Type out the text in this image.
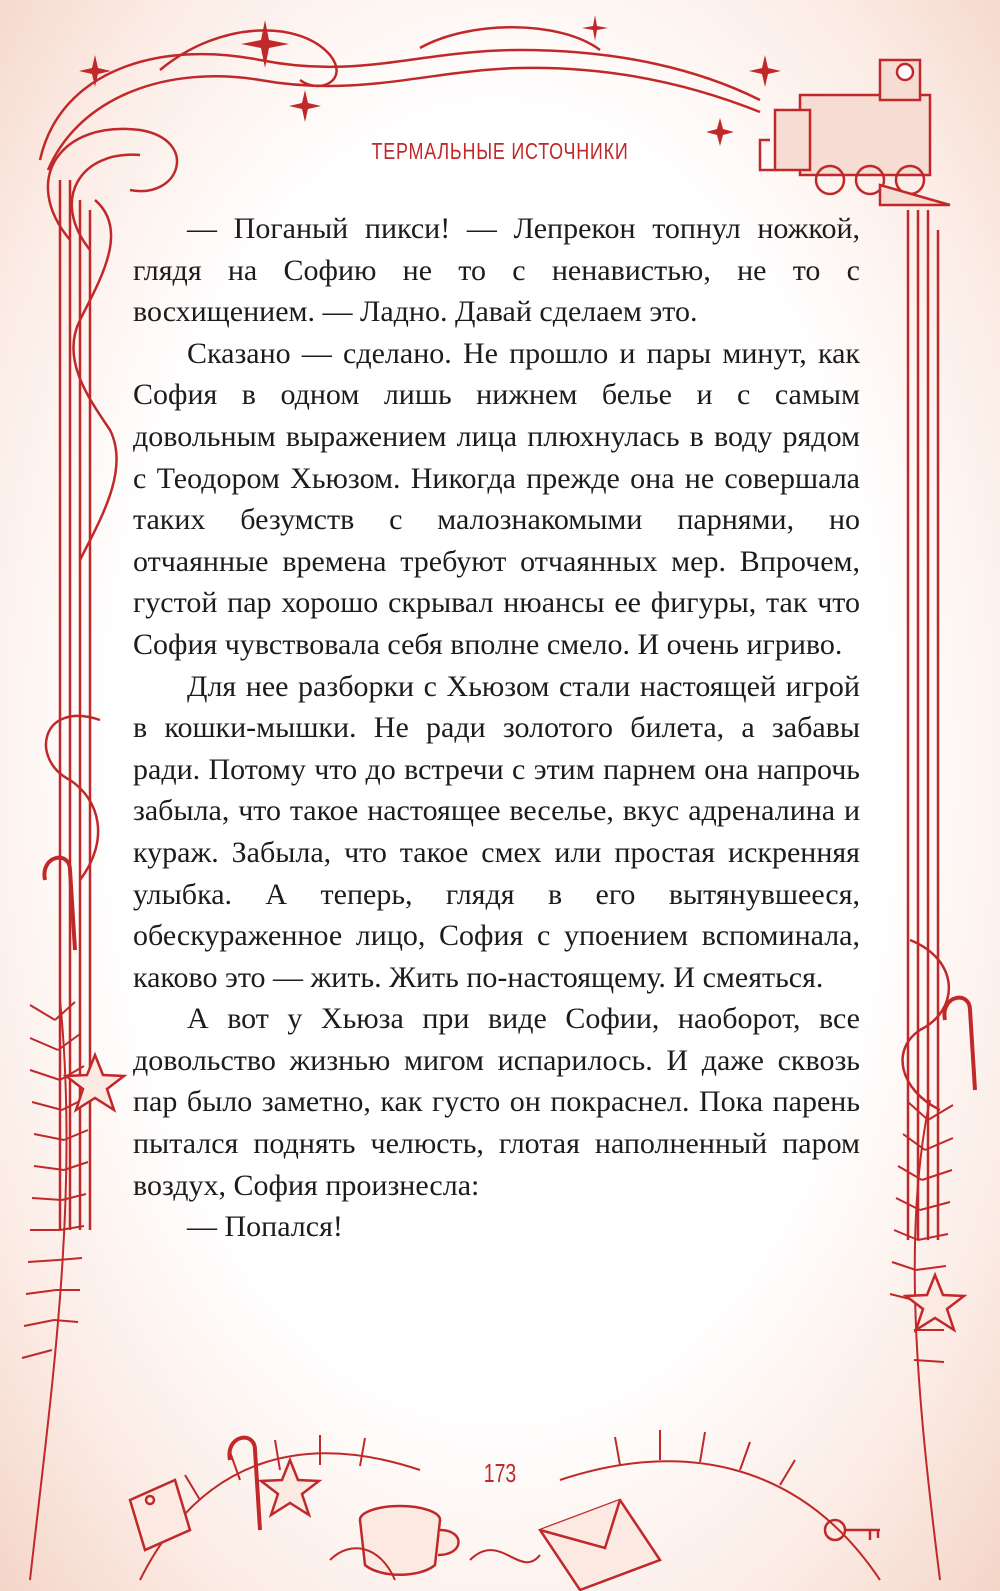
ТЕРМАЛЬНЫЕ ИСТОЧНИКИ

— Поганый пикси! — Лепрекон топнул ножкой, глядя на Софию не то с ненавистью, не то с восхищением. — Ладно. Давай сделаем это.

Сказано — сделано. Не прошло и пары минут, как София в одном лишь нижнем белье и с самым довольным выражением лица плюхнулась в воду рядом с Теодором Хьюзом. Никогда прежде она не совершала таких безумств с малознакомыми парнями, но отчаянные времена требуют отчаянных мер. Впрочем, густой пар хорошо скрывал нюансы ее фигуры, так что София чувствовала себя вполне смело. И очень игриво.

Для нее разборки с Хьюзом стали настоящей игрой в кошки-мышки. Не ради золотого билета, а забавы ради. Потому что до встречи с этим парнем она напрочь забыла, что такое настоящее веселье, вкус адреналина и кураж. Забыла, что такое смех или простая искренняя улыбка. А теперь, глядя в его вытянувшееся, обескураженное лицо, София с упоением вспоминала, каково это — жить. Жить по-настоящему. И смеяться.

А вот у Хьюза при виде Софии, наоборот, все довольство жизнью мигом испарилось. И даже сквозь пар было заметно, как густо он покраснел. Пока парень пытался поднять челюсть, глотая наполненный паром воздух, София произнесла:

— Попался!

173
